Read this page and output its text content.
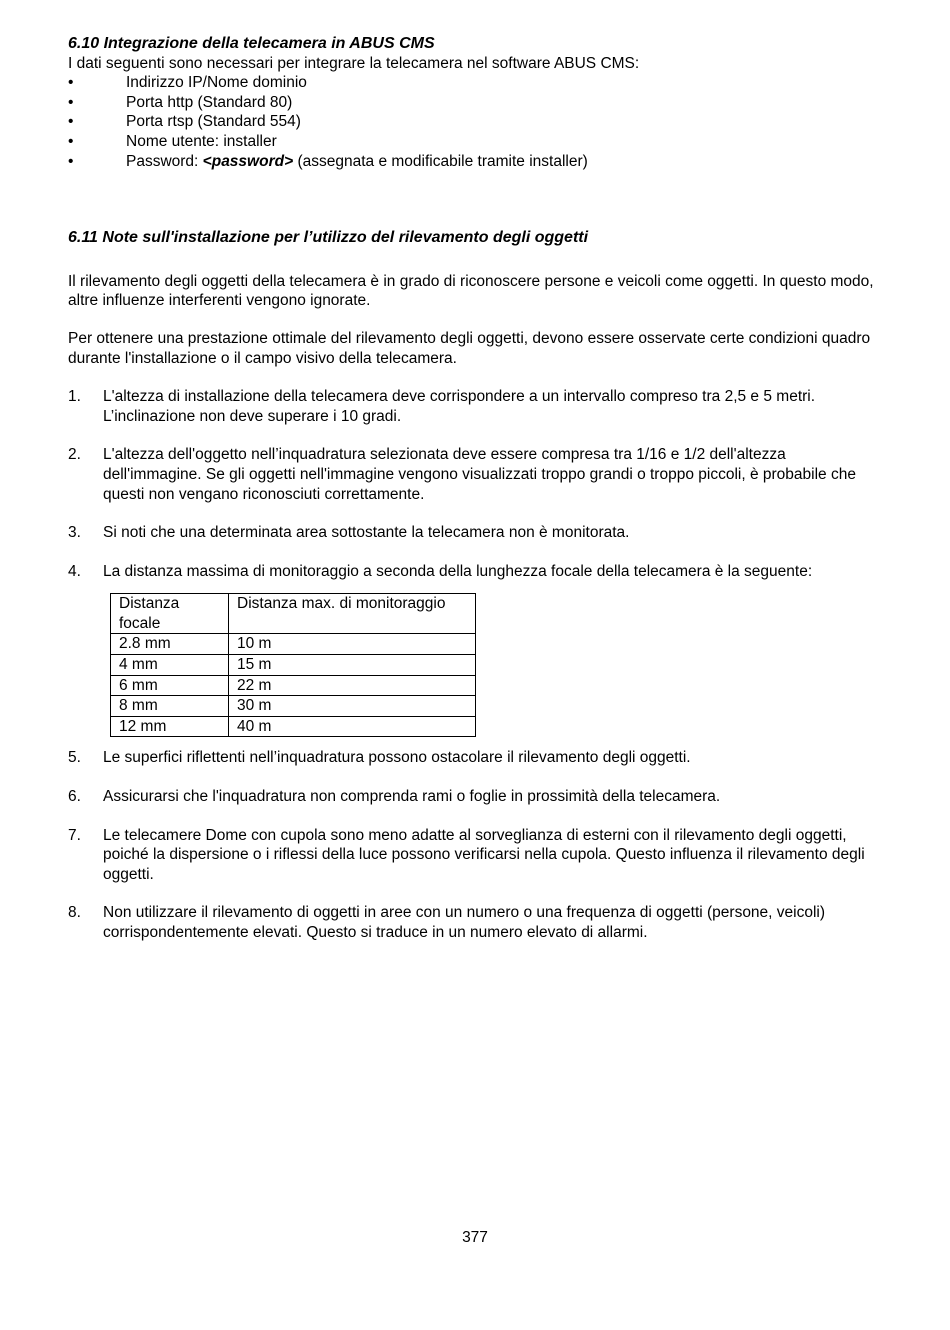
6.10 Integrazione della telecamera in ABUS CMS

I dati seguenti sono necessari per integrare la telecamera nel software ABUS CMS:

•	Indirizzo IP/Nome dominio
•	Porta http (Standard 80)
•	Porta rtsp (Standard 554)
•	Nome utente: installer
•	Password: <password> (assegnata e modificabile tramite installer)

6.11 Note sull'installazione per l’utilizzo del rilevamento degli oggetti

Il rilevamento degli oggetti della telecamera è in grado di riconoscere persone e veicoli come oggetti. In questo modo, altre influenze interferenti vengono ignorate.

Per ottenere una prestazione ottimale del rilevamento degli oggetti, devono essere osservate certe condizioni quadro durante l'installazione o il campo visivo della telecamera.

1. L'altezza di installazione della telecamera deve corrispondere a un intervallo compreso tra 2,5 e 5 metri. L’inclinazione non deve superare i 10 gradi.
2. L'altezza dell'oggetto nell’inquadratura selezionata deve essere compresa tra 1/16 e 1/2 dell'altezza dell'immagine. Se gli oggetti nell'immagine vengono visualizzati troppo grandi o troppo piccoli, è probabile che questi non vengano riconosciuti correttamente.
3. Si noti che una determinata area sottostante la telecamera non è monitorata.
4. La distanza massima di monitoraggio a seconda della lunghezza focale della telecamera è la seguente:
Distanza focale	Distanza max. di monitoraggio
2.8 mm	10 m
4 mm	15 m
6 mm	22 m
8 mm	30 m
12 mm	40 m
5. Le superfici riflettenti nell’inquadratura possono ostacolare il rilevamento degli oggetti.
6. Assicurarsi che l'inquadratura non comprenda rami o foglie in prossimità della telecamera.
7. Le telecamere Dome con cupola sono meno adatte al sorveglianza di esterni con il rilevamento degli oggetti, poiché la dispersione o i riflessi della luce possono verificarsi nella cupola. Questo influenza il rilevamento degli oggetti.
8. Non utilizzare il rilevamento di oggetti in aree con un numero o una frequenza di oggetti (persone, veicoli) corrispondentemente elevati. Questo si traduce in un numero elevato di allarmi.
377
